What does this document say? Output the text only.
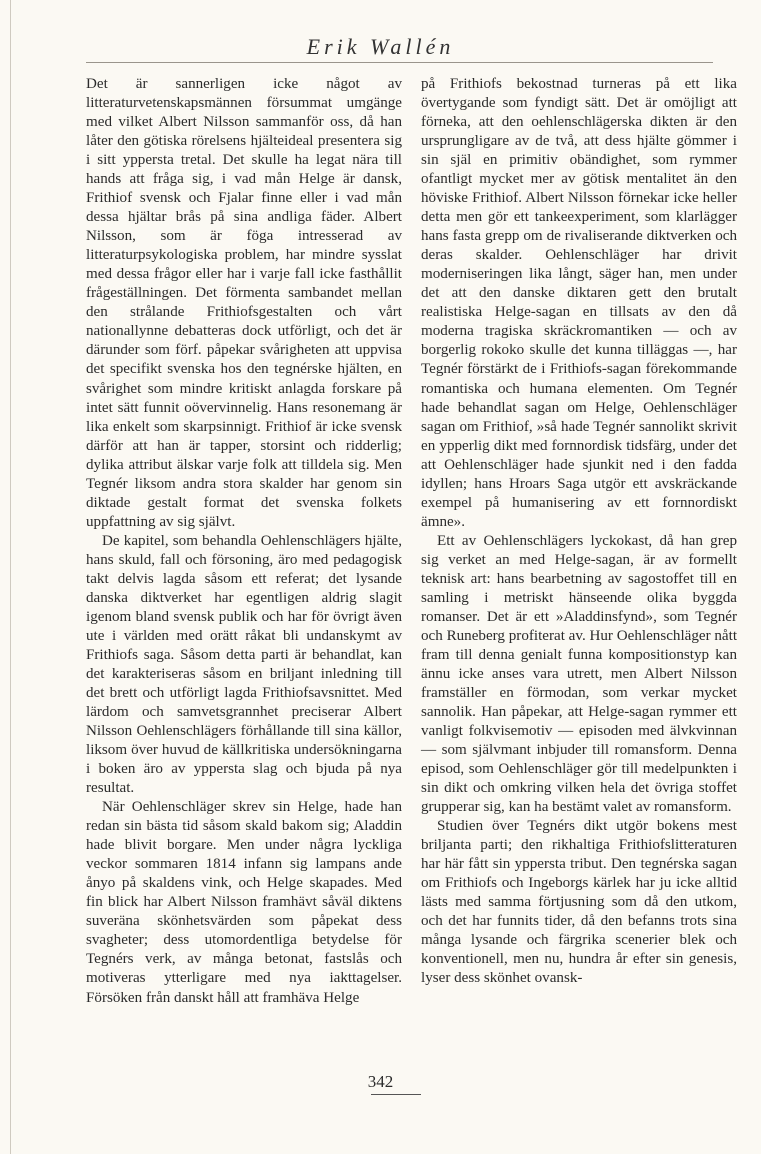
Erik Wallén

Det är sannerligen icke något av litteraturvetenskapsmännen försummat umgänge med vilket Albert Nilsson sammanför oss, då han låter den götiska rörelsens hjälteideal presentera sig i sitt yppersta tretal. Det skulle ha legat nära till hands att fråga sig, i vad mån Helge är dansk, Frithiof svensk och Fjalar finne eller i vad mån dessa hjältar brås på sina andliga fäder. Albert Nilsson, som är föga intresserad av litteraturpsykologiska problem, har mindre sysslat med dessa frågor eller har i varje fall icke fasthållit frågeställningen. Det förmenta sambandet mellan den strålande Frithiofsgestalten och vårt nationallynne debatteras dock utförligt, och det är därunder som förf. påpekar svårigheten att uppvisa det specifikt svenska hos den tegnérske hjälten, en svårighet som mindre kritiskt anlagda forskare på intet sätt funnit oövervinnelig. Hans resonemang är lika enkelt som skarpsinnigt. Frithiof är icke svensk därför att han är tapper, storsint och ridderlig; dylika attribut älskar varje folk att tilldela sig. Men Tegnér liksom andra stora skalder har genom sin diktade gestalt format det svenska folkets uppfattning av sig självt.

De kapitel, som behandla Oehlenschlägers hjälte, hans skuld, fall och försoning, äro med pedagogisk takt delvis lagda såsom ett referat; det lysande danska diktverket har egentligen aldrig slagit igenom bland svensk publik och har för övrigt även ute i världen med orätt råkat bli undanskymt av Frithiofs saga. Såsom detta parti är behandlat, kan det karakteriseras såsom en briljant inledning till det brett och utförligt lagda Frithiofsavsnittet. Med lärdom och samvetsgrannhet preciserar Albert Nilsson Oehlenschlägers förhållande till sina källor, liksom över huvud de källkritiska undersökningarna i boken äro av yppersta slag och bjuda på nya resultat.

När Oehlenschläger skrev sin Helge, hade han redan sin bästa tid såsom skald bakom sig; Aladdin hade blivit borgare. Men under några lyckliga veckor sommaren 1814 infann sig lampans ande ånyo på skaldens vink, och Helge skapades. Med fin blick har Albert Nilsson framhävt såväl diktens suveräna skönhetsvärden som påpekat dess svagheter; dess utomordentliga betydelse för Tegnérs verk, av många betonat, fastslås och motiveras ytterligare med nya iakttagelser. Försöken från danskt håll att framhäva Helge

på Frithiofs bekostnad turneras på ett lika övertygande som fyndigt sätt. Det är omöjligt att förneka, att den oehlenschlägerska dikten är den ursprungligare av de två, att dess hjälte gömmer i sin själ en primitiv obändighet, som rymmer ofantligt mycket mer av götisk mentalitet än den höviske Frithiof. Albert Nilsson förnekar icke heller detta men gör ett tankeexperiment, som klarlägger hans fasta grepp om de rivaliserande diktverken och deras skalder. Oehlenschläger har drivit moderniseringen lika långt, säger han, men under det att den danske diktaren gett den brutalt realistiska Helge-sagan en tillsats av den då moderna tragiska skräckromantiken — och av borgerlig rokoko skulle det kunna tilläggas —, har Tegnér förstärkt de i Frithiofs-sagan förekommande romantiska och humana elementen. Om Tegnér hade behandlat sagan om Helge, Oehlenschläger sagan om Frithiof, »så hade Tegnér sannolikt skrivit en ypperlig dikt med fornnordisk tidsfärg, under det att Oehlenschläger hade sjunkit ned i den fadda idyllen; hans Hroars Saga utgör ett avskräckande exempel på humanisering av ett fornnordiskt ämne».

Ett av Oehlenschlägers lyckokast, då han grep sig verket an med Helge-sagan, är av formellt teknisk art: hans bearbetning av sagostoffet till en samling i metriskt hänseende olika byggda romanser. Det är ett »Aladdinsfynd», som Tegnér och Runeberg profiterat av. Hur Oehlenschläger nått fram till denna genialt funna kompositionstyp kan ännu icke anses vara utrett, men Albert Nilsson framställer en förmodan, som verkar mycket sannolik. Han påpekar, att Helge-sagan rymmer ett vanligt folkvisemotiv — episoden med älvkvinnan — som självmant inbjuder till romansform. Denna episod, som Oehlenschläger gör till medelpunkten i sin dikt och omkring vilken hela det övriga stoffet grupperar sig, kan ha bestämt valet av romansform.

Studien över Tegnérs dikt utgör bokens mest briljanta parti; den rikhaltiga Frithiofslitteraturen har här fått sin yppersta tribut. Den tegnérska sagan om Frithiofs och Ingeborgs kärlek har ju icke alltid lästs med samma förtjusning som då den utkom, och det har funnits tider, då den befanns trots sina många lysande och färgrika scenerier blek och konventionell, men nu, hundra år efter sin genesis, lyser dess skönhet ovansk-

342
